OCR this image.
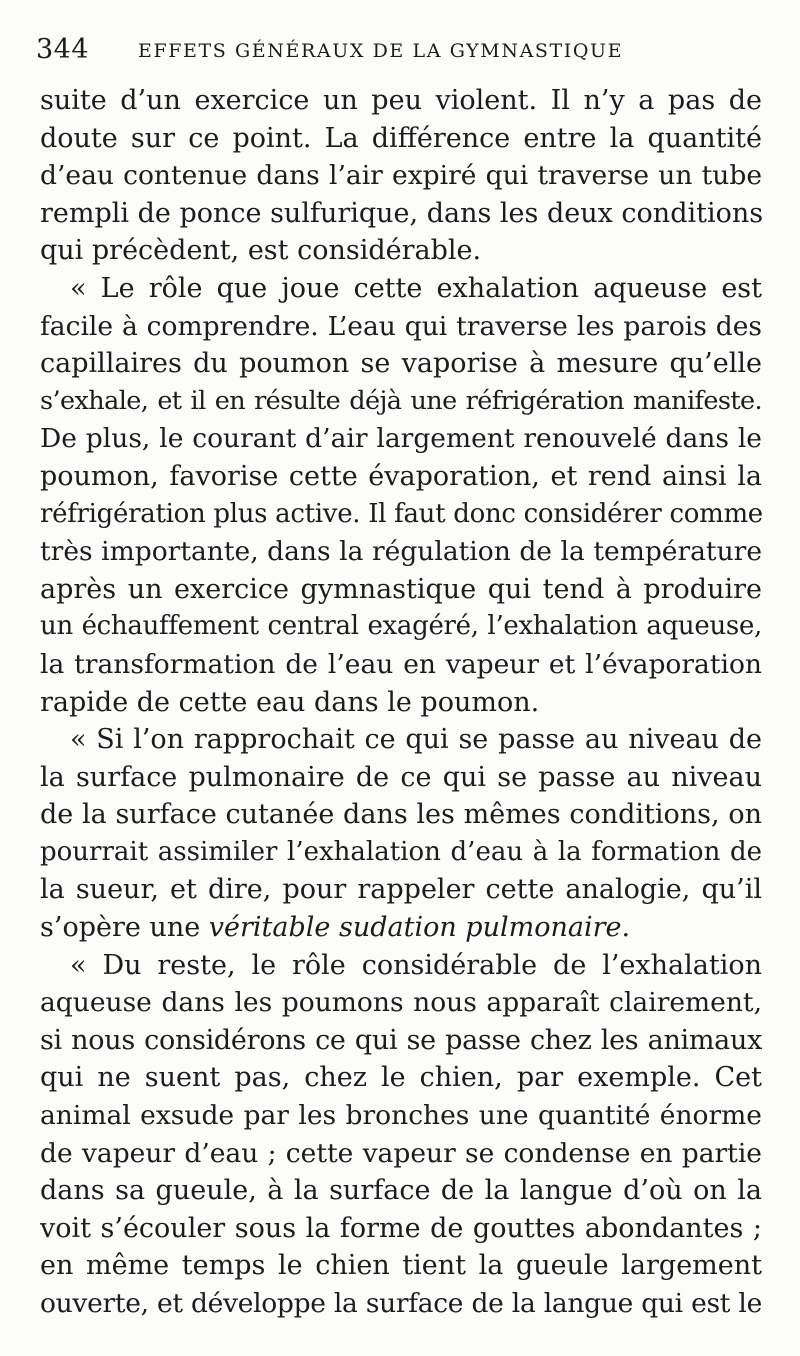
344	EFFETS GÉNÉRAUX DE LA GYMNASTIQUE
suite d’un exercice un peu violent. Il n’y a pas de
doute sur ce point. La différence entre la quantité
d’eau contenue dans l’air expiré qui traverse un tube
rempli de ponce sulfurique, dans les deux conditions
qui précèdent, est considérable.
« Le rôle que joue cette exhalation aqueuse est
facile à comprendre. L’eau qui traverse les parois des
capillaires du poumon se vaporise à mesure qu’elle
s’exhale, et il en résulte déjà une réfrigération manifeste.
De plus, le courant d’air largement renouvelé dans le
poumon, favorise cette évaporation, et rend ainsi la
réfrigération plus active. Il faut donc considérer comme
très importante, dans la régulation de la température
après un exercice gymnastique qui tend à produire
un échauffement central exagéré, l’exhalation aqueuse,
la transformation de l’eau en vapeur et l’évaporation
rapide de cette eau dans le poumon.
« Si l’on rapprochait ce qui se passe au niveau de
la surface pulmonaire de ce qui se passe au niveau
de la surface cutanée dans les mêmes conditions, on
pourrait assimiler l’exhalation d’eau à la formation de
la sueur, et dire, pour rappeler cette analogie, qu’il
s’opère une véritable sudation pulmonaire.
« Du reste, le rôle considérable de l’exhalation
aqueuse dans les poumons nous apparaît clairement,
si nous considérons ce qui se passe chez les animaux
qui ne suent pas, chez le chien, par exemple. Cet
animal exsude par les bronches une quantité énorme
de vapeur d’eau ; cette vapeur se condense en partie
dans sa gueule, à la surface de la langue d’où on la
voit s’écouler sous la forme de gouttes abondantes ;
en même temps le chien tient la gueule largement
ouverte, et développe la surface de la langue qui est le
